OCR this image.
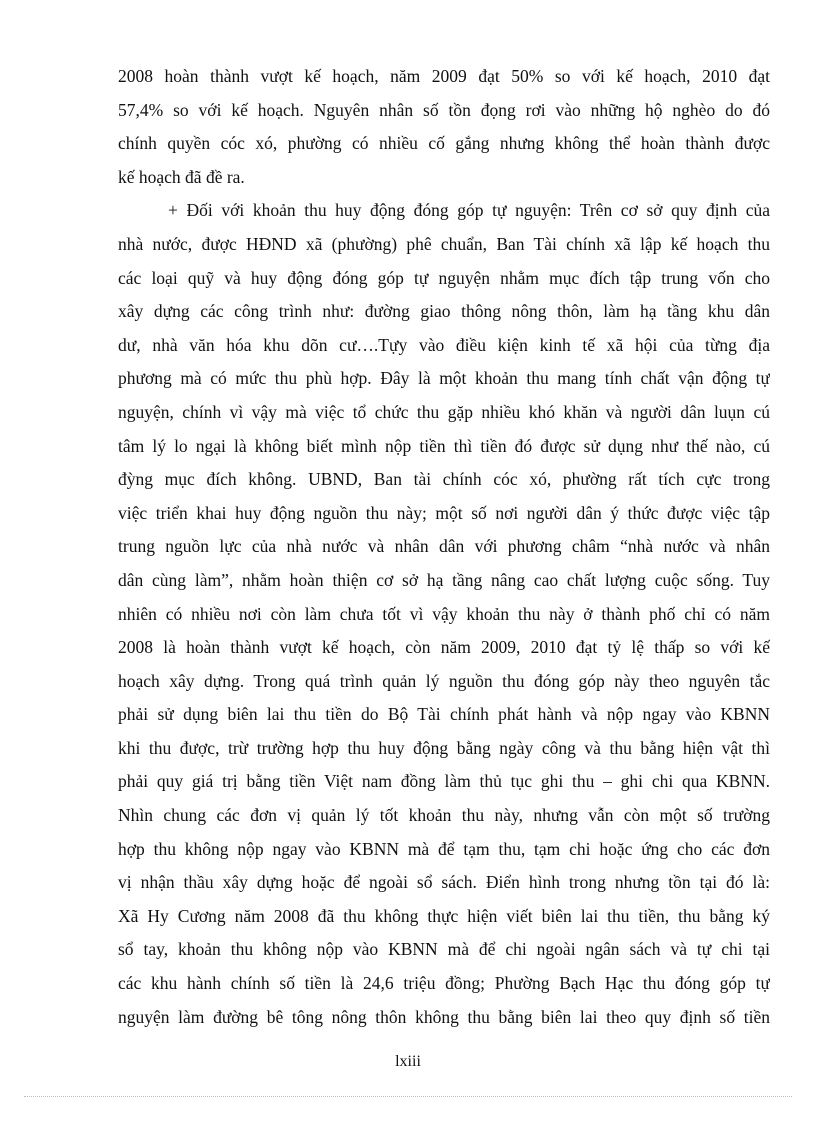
2008 hoàn thành vượt kế hoạch, năm 2009 đạt 50% so với kế hoạch, 2010 đạt
57,4% so với kế hoạch. Nguyên nhân số tồn đọng rơi vào những hộ nghèo do đó
chính quyền cóc xó, phường có nhiều cố gắng nhưng không thể hoàn thành được
kế hoạch đã đề ra.
+ Đối với khoản thu huy động đóng góp tự nguyện: Trên cơ sở quy định của
nhà nước, được HĐND xã (phường) phê chuẩn, Ban Tài chính xã lập kế hoạch thu
các loại quỹ và huy động đóng góp tự nguyện nhằm mục đích tập trung vốn cho
xây dựng các công trình như: đường giao thông nông thôn, làm hạ tầng khu dân
dư, nhà văn hóa khu dõn cư….Tựy vào điều kiện kinh tế xã hội của từng địa
phương mà có mức thu phù hợp. Đây là một khoản thu mang tính chất vận động tự
nguyện, chính vì vậy mà việc tổ chức thu gặp nhiều khó khăn và người dân luụn cú
tâm lý lo ngại là không biết mình nộp tiền thì tiền đó được sử dụng như thế nào, cú
đỳng mục đích không. UBND, Ban tài chính cóc xó, phường rất tích cực trong
việc triển khai huy động nguồn thu này; một số nơi người dân ý thức được việc tập
trung nguồn lực của nhà nước và nhân dân với phương châm “nhà nước và nhân
dân cùng làm”, nhằm hoàn thiện cơ sở hạ tầng nâng cao chất lượng cuộc sống. Tuy
nhiên có nhiều nơi còn làm chưa tốt vì vậy khoản thu này ở thành phố chỉ có năm
2008 là hoàn thành vượt kế hoạch, còn năm 2009, 2010 đạt tỷ lệ thấp so với kế
hoạch xây dựng. Trong quá trình quản lý nguồn thu đóng góp này theo nguyên tắc
phải sử dụng biên lai thu tiền do Bộ Tài chính phát hành và nộp ngay vào KBNN
khi thu được, trừ trường hợp thu huy động bằng ngày công và thu bằng hiện vật thì
phải quy giá trị bằng tiền Việt nam đồng làm thủ tục ghi thu – ghi chi qua KBNN.
Nhìn chung các đơn vị quản lý tốt khoản thu này, nhưng vẫn còn một số trường
hợp thu không nộp ngay vào KBNN mà để tạm thu, tạm chi hoặc ứng cho các đơn
vị nhận thầu xây dựng hoặc để ngoài sổ sách. Điển hình trong nhưng tồn tại đó là:
Xã Hy Cương năm 2008 đã thu không thực hiện viết biên lai thu tiền, thu bằng ký
sổ tay, khoản thu không nộp vào KBNN mà để chi ngoài ngân sách và tự chi tại
các khu hành chính số tiền là 24,6 triệu đồng; Phường Bạch Hạc thu đóng góp tự
nguyện làm đường bê tông nông thôn không thu bằng biên lai theo quy định số tiền
lxiii
